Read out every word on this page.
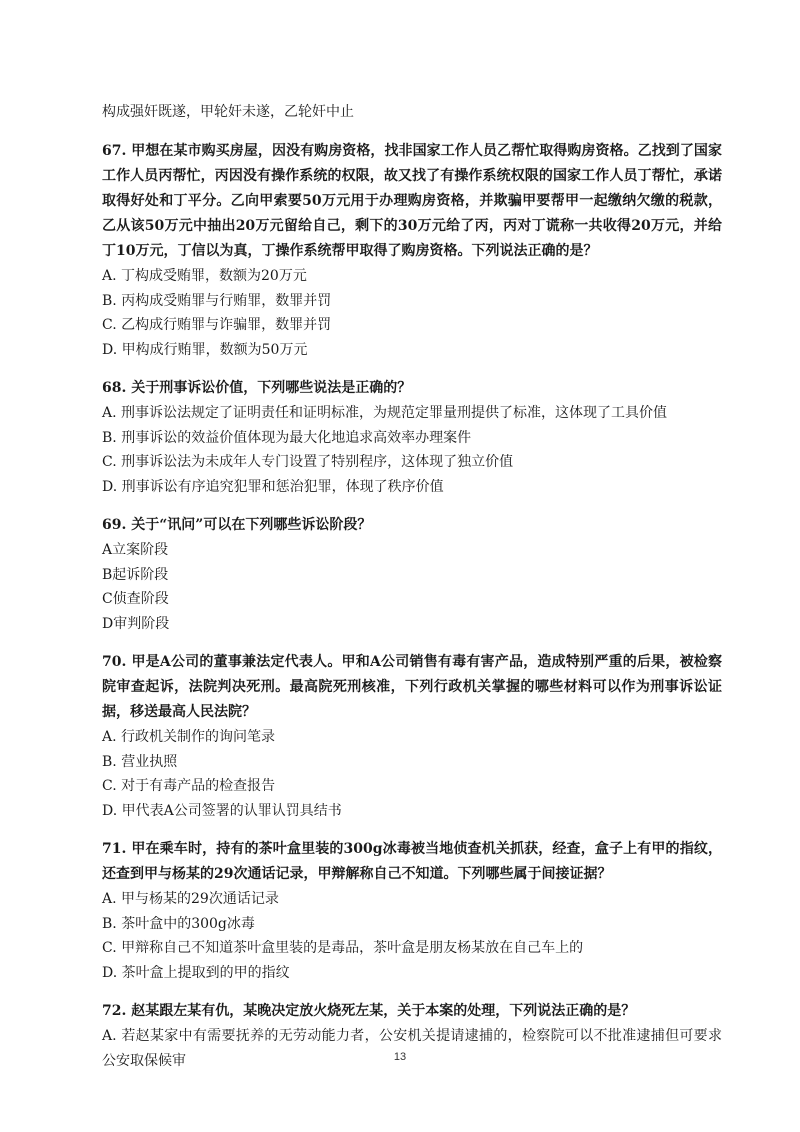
构成强奸既遂，甲轮奸未遂，乙轮奸中止

67. 甲想在某市购买房屋，因没有购房资格，找非国家工作人员乙帮忙取得购房资格。乙找到了国家工作人员丙帮忙，丙因没有操作系统的权限，故又找了有操作系统权限的国家工作人员丁帮忙，承诺取得好处和丁平分。乙向甲索要50万元用于办理购房资格，并欺骗甲要帮甲一起缴纳欠缴的税款，乙从该50万元中抽出20万元留给自己，剩下的30万元给了丙，丙对丁谎称一共收得20万元，并给丁10万元，丁信以为真，丁操作系统帮甲取得了购房资格。下列说法正确的是？

A. 丁构成受贿罪，数额为20万元
B. 丙构成受贿罪与行贿罪，数罪并罚
C. 乙构成行贿罪与诈骗罪，数罪并罚
D. 甲构成行贿罪，数额为50万元

68. 关于刑事诉讼价值，下列哪些说法是正确的？

A. 刑事诉讼法规定了证明责任和证明标准，为规范定罪量刑提供了标准，这体现了工具价值
B. 刑事诉讼的效益价值体现为最大化地追求高效率办理案件
C. 刑事诉讼法为未成年人专门设置了特别程序，这体现了独立价值
D. 刑事诉讼有序追究犯罪和惩治犯罪，体现了秩序价值

69. 关于“讯问”可以在下列哪些诉讼阶段？

A立案阶段
B起诉阶段
C侦查阶段
D审判阶段

70. 甲是A公司的董事兼法定代表人。甲和A公司销售有毒有害产品，造成特别严重的后果，被检察院审查起诉，法院判决死刑。最高院死刑核准，下列行政机关掌握的哪些材料可以作为刑事诉讼证据，移送最高人民法院？

A. 行政机关制作的询问笔录
B. 营业执照
C. 对于有毒产品的检查报告
D. 甲代表A公司签署的认罪认罚具结书

71. 甲在乘车时，持有的茶叶盒里装的300g冰毒被当地侦查机关抓获，经查，盒子上有甲的指纹，还查到甲与杨某的29次通话记录，甲辩解称自己不知道。下列哪些属于间接证据？

A. 甲与杨某的29次通话记录
B. 茶叶盒中的300g冰毒
C. 甲辩称自己不知道茶叶盒里装的是毒品，茶叶盒是朋友杨某放在自己车上的
D. 茶叶盒上提取到的甲的指纹

72. 赵某跟左某有仇，某晚决定放火烧死左某，关于本案的处理，下列说法正确的是？

A. 若赵某家中有需要抚养的无劳动能力者，公安机关提请逮捕的，检察院可以不批准逮捕但可要求公安取保候审	13
